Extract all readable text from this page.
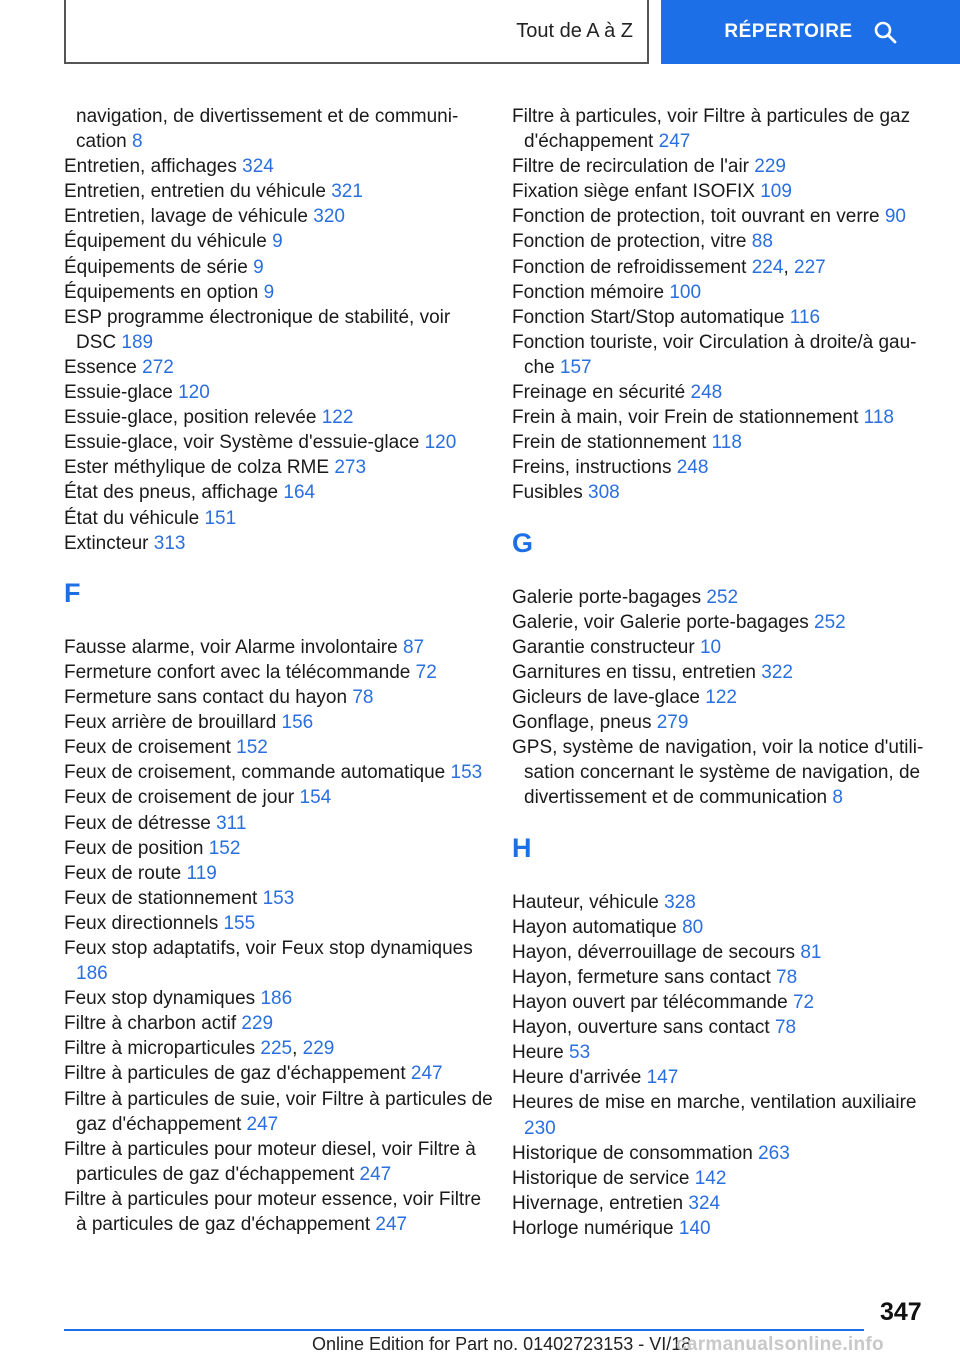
Tout de A à Z	RÉPERTOIRE
navigation, de divertissement et de communi-
cation 8
Entretien, affichages 324
Entretien, entretien du véhicule 321
Entretien, lavage de véhicule 320
Équipement du véhicule 9
Équipements de série 9
Équipements en option 9
ESP programme électronique de stabilité, voir DSC 189
Essence 272
Essuie-glace 120
Essuie-glace, position relevée 122
Essuie-glace, voir Système d'essuie-glace 120
Ester méthylique de colza RME 273
État des pneus, affichage 164
État du véhicule 151
Extincteur 313
F
Fausse alarme, voir Alarme involontaire 87
Fermeture confort avec la télécommande 72
Fermeture sans contact du hayon 78
Feux arrière de brouillard 156
Feux de croisement 152
Feux de croisement, commande automatique 153
Feux de croisement de jour 154
Feux de détresse 311
Feux de position 152
Feux de route 119
Feux de stationnement 153
Feux directionnels 155
Feux stop adaptatifs, voir Feux stop dynamiques 186
Feux stop dynamiques 186
Filtre à charbon actif 229
Filtre à microparticules 225, 229
Filtre à particules de gaz d'échappement 247
Filtre à particules de suie, voir Filtre à particules de gaz d'échappement 247
Filtre à particules pour moteur diesel, voir Filtre à particules de gaz d'échappement 247
Filtre à particules pour moteur essence, voir Filtre à particules de gaz d'échappement 247
Filtre à particules, voir Filtre à particules de gaz d'échappement 247
Filtre de recirculation de l'air 229
Fixation siège enfant ISOFIX 109
Fonction de protection, toit ouvrant en verre 90
Fonction de protection, vitre 88
Fonction de refroidissement 224, 227
Fonction mémoire 100
Fonction Start/Stop automatique 116
Fonction touriste, voir Circulation à droite/à gauche 157
Freinage en sécurité 248
Frein à main, voir Frein de stationnement 118
Frein de stationnement 118
Freins, instructions 248
Fusibles 308
G
Galerie porte-bagages 252
Galerie, voir Galerie porte-bagages 252
Garantie constructeur 10
Garnitures en tissu, entretien 322
Gicleurs de lave-glace 122
Gonflage, pneus 279
GPS, système de navigation, voir la notice d'utilisation concernant le système de navigation, de divertissement et de communication 8
H
Hauteur, véhicule 328
Hayon automatique 80
Hayon, déverrouillage de secours 81
Hayon, fermeture sans contact 78
Hayon ouvert par télécommande 72
Hayon, ouverture sans contact 78
Heure 53
Heure d'arrivée 147
Heures de mise en marche, ventilation auxiliaire 230
Historique de consommation 263
Historique de service 142
Hivernage, entretien 324
Horloge numérique 140
347
Online Edition for Part no. 01402723153 - VI/18
carmanualsonline.info
